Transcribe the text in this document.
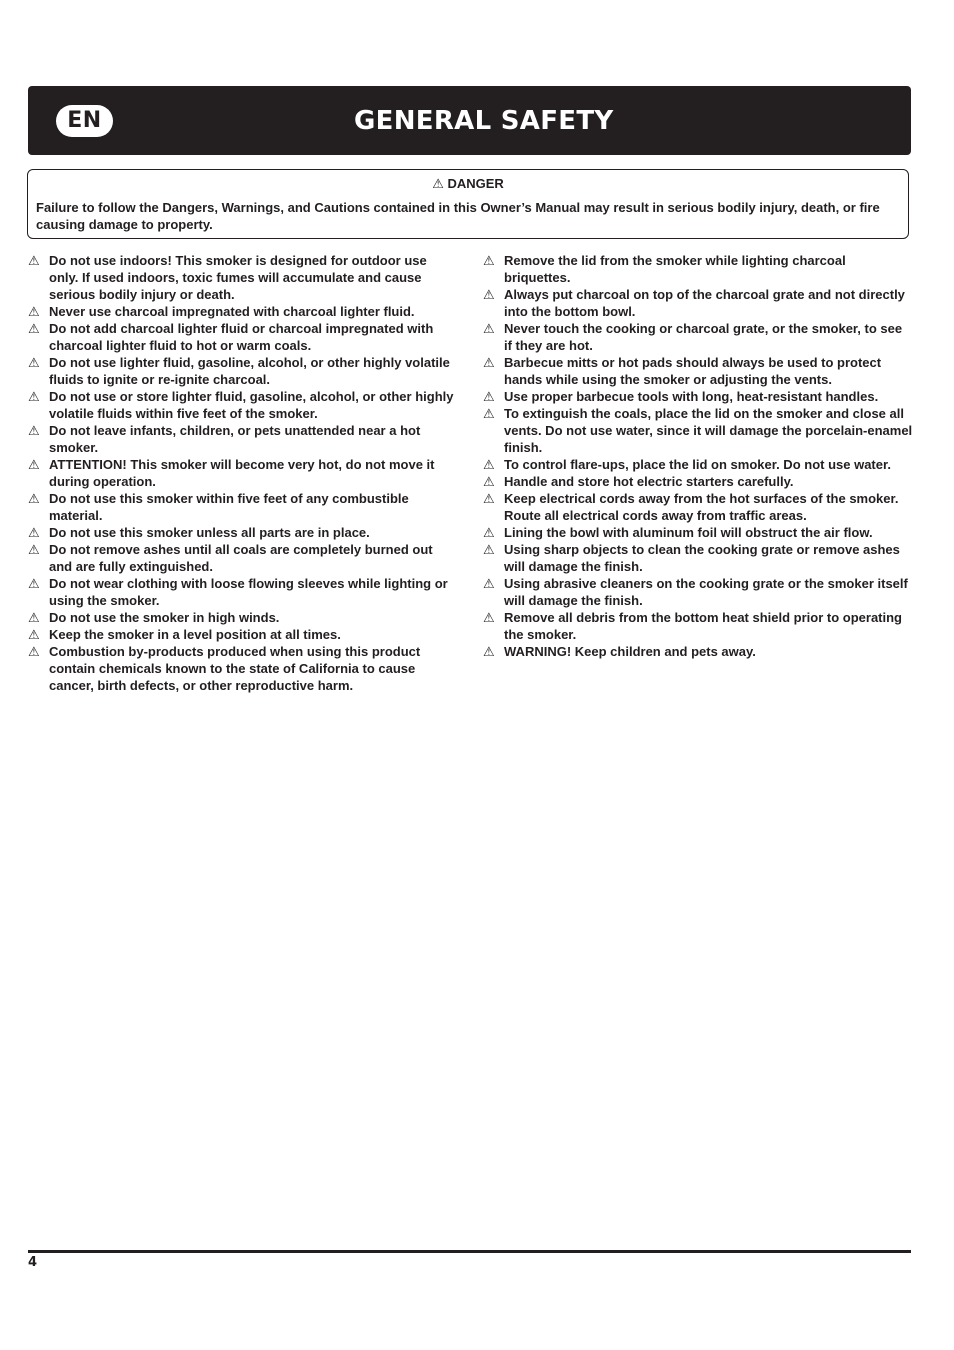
EN	GENERAL SAFETY
⚠ DANGER
Failure to follow the Dangers, Warnings, and Cautions contained in this Owner’s Manual may result in serious bodily injury, death, or fire causing damage to property.
⚠ Do not use indoors! This smoker is designed for outdoor use only. If used indoors, toxic fumes will accumulate and cause serious bodily injury or death.
⚠ Never use charcoal impregnated with charcoal lighter fluid.
⚠ Do not add charcoal lighter fluid or charcoal impregnated with charcoal lighter fluid to hot or warm coals.
⚠ Do not use lighter fluid, gasoline, alcohol, or other highly volatile fluids to ignite or re-ignite charcoal.
⚠ Do not use or store lighter fluid, gasoline, alcohol, or other highly volatile fluids within five feet of the smoker.
⚠ Do not leave infants, children, or pets unattended near a hot smoker.
⚠ ATTENTION! This smoker will become very hot, do not move it during operation.
⚠ Do not use this smoker within five feet of any combustible material.
⚠ Do not use this smoker unless all parts are in place.
⚠ Do not remove ashes until all coals are completely burned out and are fully extinguished.
⚠ Do not wear clothing with loose flowing sleeves while lighting or using the smoker.
⚠ Do not use the smoker in high winds.
⚠ Keep the smoker in a level position at all times.
⚠ Combustion by-products produced when using this product contain chemicals known to the state of California to cause cancer, birth defects, or other reproductive harm.
⚠ Remove the lid from the smoker while lighting charcoal briquettes.
⚠ Always put charcoal on top of the charcoal grate and not directly into the bottom bowl.
⚠ Never touch the cooking or charcoal grate, or the smoker, to see if they are hot.
⚠ Barbecue mitts or hot pads should always be used to protect hands while using the smoker or adjusting the vents.
⚠ Use proper barbecue tools with long, heat-resistant handles.
⚠ To extinguish the coals, place the lid on the smoker and close all vents. Do not use water, since it will damage the porcelain-enamel finish.
⚠ To control flare-ups, place the lid on smoker. Do not use water.
⚠ Handle and store hot electric starters carefully.
⚠ Keep electrical cords away from the hot surfaces of the smoker. Route all electrical cords away from traffic areas.
⚠ Lining the bowl with aluminum foil will obstruct the air flow.
⚠ Using sharp objects to clean the cooking grate or remove ashes will damage the finish.
⚠ Using abrasive cleaners on the cooking grate or the smoker itself will damage the finish.
⚠ Remove all debris from the bottom heat shield prior to operating the smoker.
⚠ WARNING! Keep children and pets away.
4
